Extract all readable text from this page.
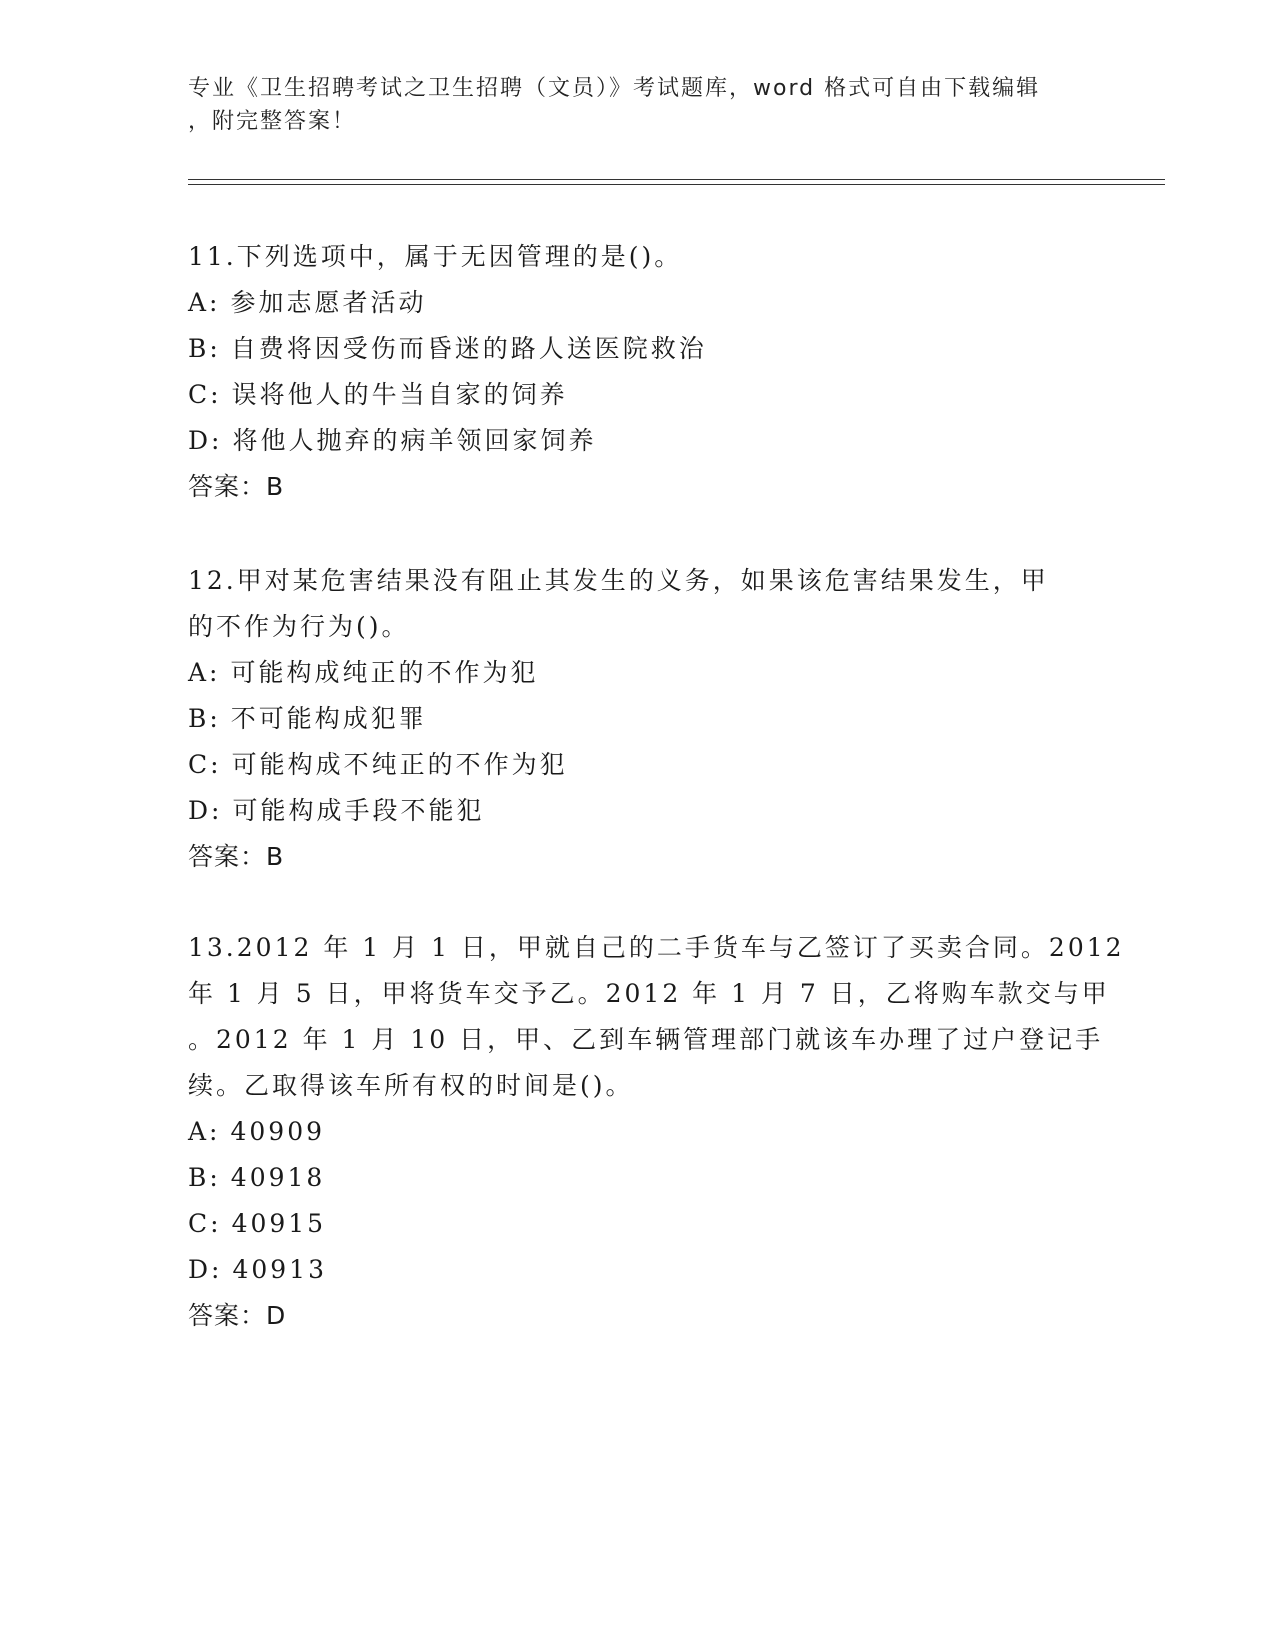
专业《卫生招聘考试之卫生招聘（文员）》考试题库，word 格式可自由下载编辑
，附完整答案！

11.下列选项中，属于无因管理的是()。

A: 参加志愿者活动

B: 自费将因受伤而昏迷的路人送医院救治

C: 误将他人的牛当自家的饲养

D: 将他人抛弃的病羊领回家饲养

答案：B

12.甲对某危害结果没有阻止其发生的义务，如果该危害结果发生，甲

的不作为行为()。

A: 可能构成纯正的不作为犯

B: 不可能构成犯罪

C: 可能构成不纯正的不作为犯

D: 可能构成手段不能犯

答案：B

13.2012 年 1 月 1 日，甲就自己的二手货车与乙签订了买卖合同。2012

年 1 月 5 日，甲将货车交予乙。2012 年 1 月 7 日，乙将购车款交与甲

。2012 年 1 月 10 日，甲、乙到车辆管理部门就该车办理了过户登记手

续。乙取得该车所有权的时间是()。

A: 40909

B: 40918

C: 40915

D: 40913

答案：D
